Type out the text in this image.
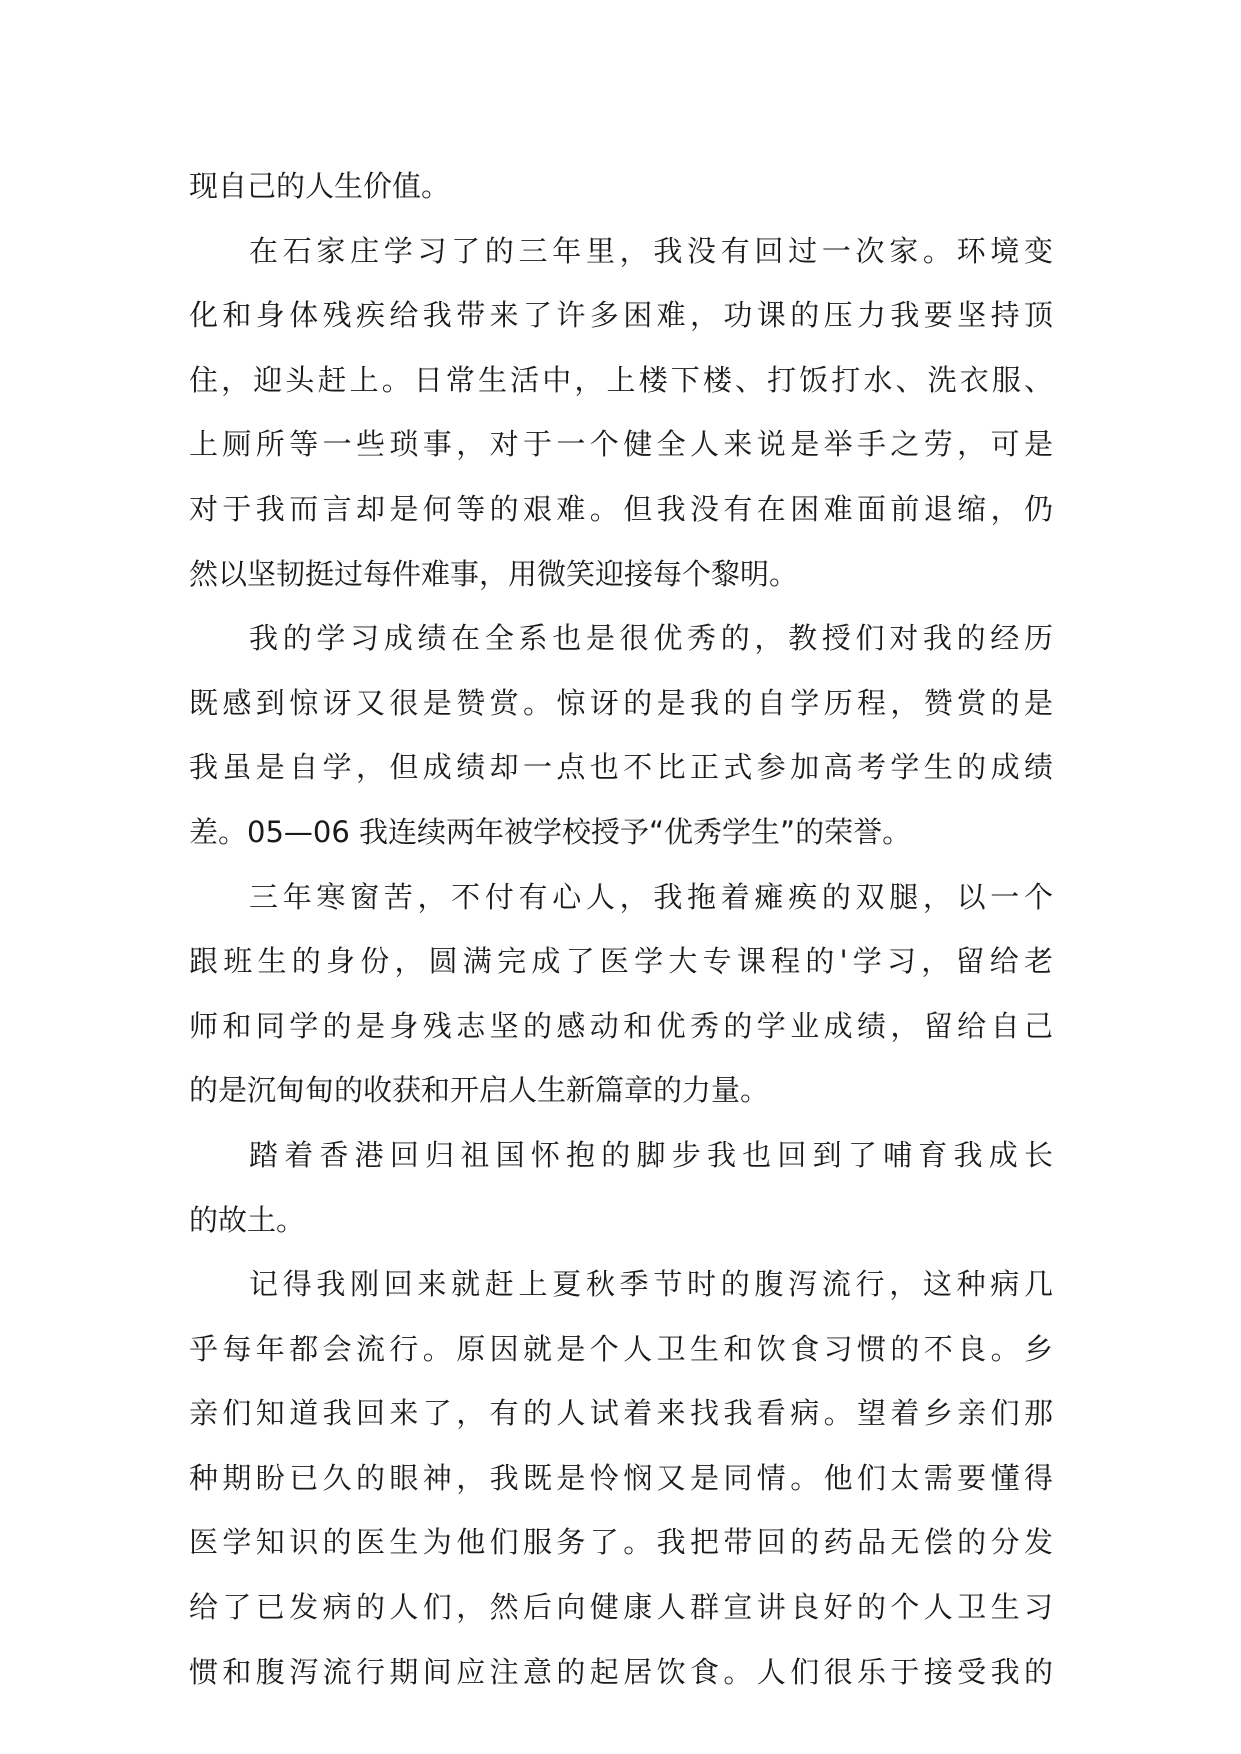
现自己的人生价值。
在石家庄学习了的三年里，我没有回过一次家。环境变
化和身体残疾给我带来了许多困难，功课的压力我要坚持顶
住，迎头赶上。日常生活中，上楼下楼、打饭打水、洗衣服、
上厕所等一些琐事，对于一个健全人来说是举手之劳，可是
对于我而言却是何等的艰难。但我没有在困难面前退缩，仍
然以坚韧挺过每件难事，用微笑迎接每个黎明。
我的学习成绩在全系也是很优秀的，教授们对我的经历
既感到惊讶又很是赞赏。惊讶的是我的自学历程，赞赏的是
我虽是自学，但成绩却一点也不比正式参加高考学生的成绩
差。05—06 我连续两年被学校授予“优秀学生”的荣誉。
三年寒窗苦，不付有心人，我拖着瘫痪的双腿，以一个
跟班生的身份，圆满完成了医学大专课程的'学习，留给老
师和同学的是身残志坚的感动和优秀的学业成绩，留给自己
的是沉甸甸的收获和开启人生新篇章的力量。
踏着香港回归祖国怀抱的脚步我也回到了哺育我成长
的故土。
记得我刚回来就赶上夏秋季节时的腹泻流行，这种病几
乎每年都会流行。原因就是个人卫生和饮食习惯的不良。乡
亲们知道我回来了，有的人试着来找我看病。望着乡亲们那
种期盼已久的眼神，我既是怜悯又是同情。他们太需要懂得
医学知识的医生为他们服务了。我把带回的药品无偿的分发
给了已发病的人们，然后向健康人群宣讲良好的个人卫生习
惯和腹泻流行期间应注意的起居饮食。人们很乐于接受我的
